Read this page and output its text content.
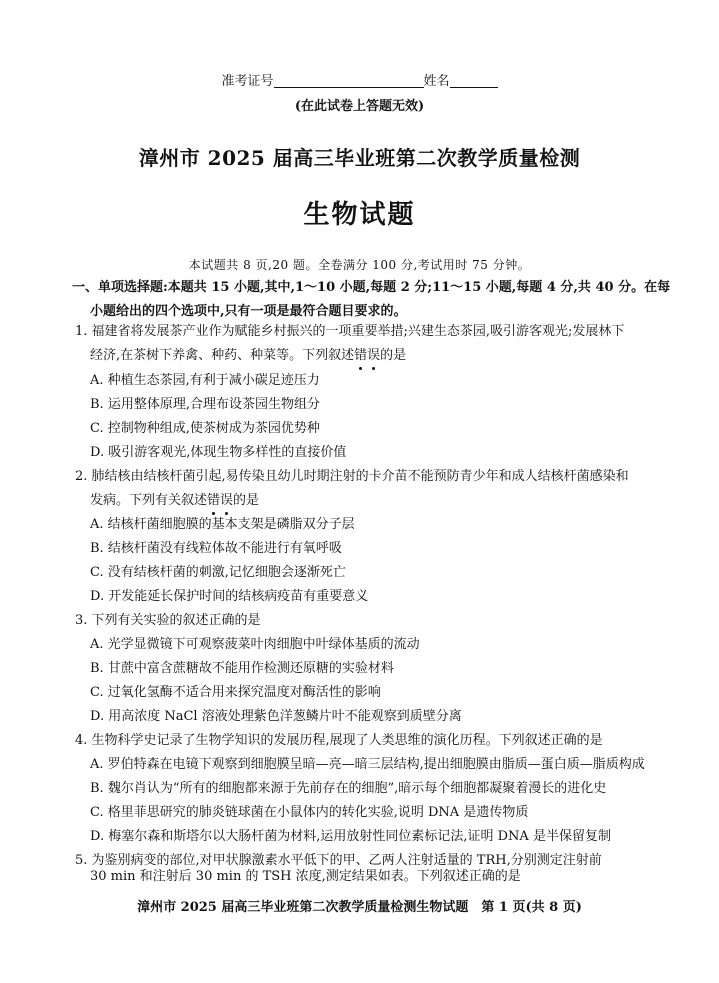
准考证号	姓名
(在此试卷上答题无效)
漳州市 2025 届高三毕业班第二次教学质量检测
生物试题
本试题共 8 页,20 题。全卷满分 100 分,考试用时 75 分钟。
一、单项选择题:本题共 15 小题,其中,1～10 小题,每题 2 分;11～15 小题,每题 4 分,共 40 分。在每
小题给出的四个选项中,只有一项是最符合题目要求的。
1. 福建省将发展茶产业作为赋能乡村振兴的一项重要举措;兴建生态茶园,吸引游客观光;发展林下
经济,在茶树下养禽、种药、种菜等。下列叙述错误的是
A. 种植生态茶园,有利于减小碳足迹压力
B. 运用整体原理,合理布设茶园生物组分
C. 控制物种组成,使茶树成为茶园优势种
D. 吸引游客观光,体现生物多样性的直接价值
2. 肺结核由结核杆菌引起,易传染且幼儿时期注射的卡介苗不能预防青少年和成人结核杆菌感染和
发病。下列有关叙述错误的是
A. 结核杆菌细胞膜的基本支架是磷脂双分子层
B. 结核杆菌没有线粒体故不能进行有氧呼吸
C. 没有结核杆菌的刺激,记忆细胞会逐渐死亡
D. 开发能延长保护时间的结核病疫苗有重要意义
3. 下列有关实验的叙述正确的是
A. 光学显微镜下可观察菠菜叶肉细胞中叶绿体基质的流动
B. 甘蔗中富含蔗糖故不能用作检测还原糖的实验材料
C. 过氧化氢酶不适合用来探究温度对酶活性的影响
D. 用高浓度 NaCl 溶液处理紫色洋葱鳞片叶不能观察到质壁分离
4. 生物科学史记录了生物学知识的发展历程,展现了人类思维的演化历程。下列叙述正确的是
A. 罗伯特森在电镜下观察到细胞膜呈暗—亮—暗三层结构,提出细胞膜由脂质—蛋白质—脂质构成
B. 魏尔肖认为“所有的细胞都来源于先前存在的细胞”,暗示每个细胞都凝聚着漫长的进化史
C. 格里菲思研究的肺炎链球菌在小鼠体内的转化实验,说明 DNA 是遗传物质
D. 梅塞尔森和斯塔尔以大肠杆菌为材料,运用放射性同位素标记法,证明 DNA 是半保留复制
5. 为鉴别病变的部位,对甲状腺激素水平低下的甲、乙两人注射适量的 TRH,分别测定注射前
30 min 和注射后 30 min 的 TSH 浓度,测定结果如表。下列叙述正确的是
漳州市 2025 届高三毕业班第二次教学质量检测生物试题　第 1 页(共 8 页)
